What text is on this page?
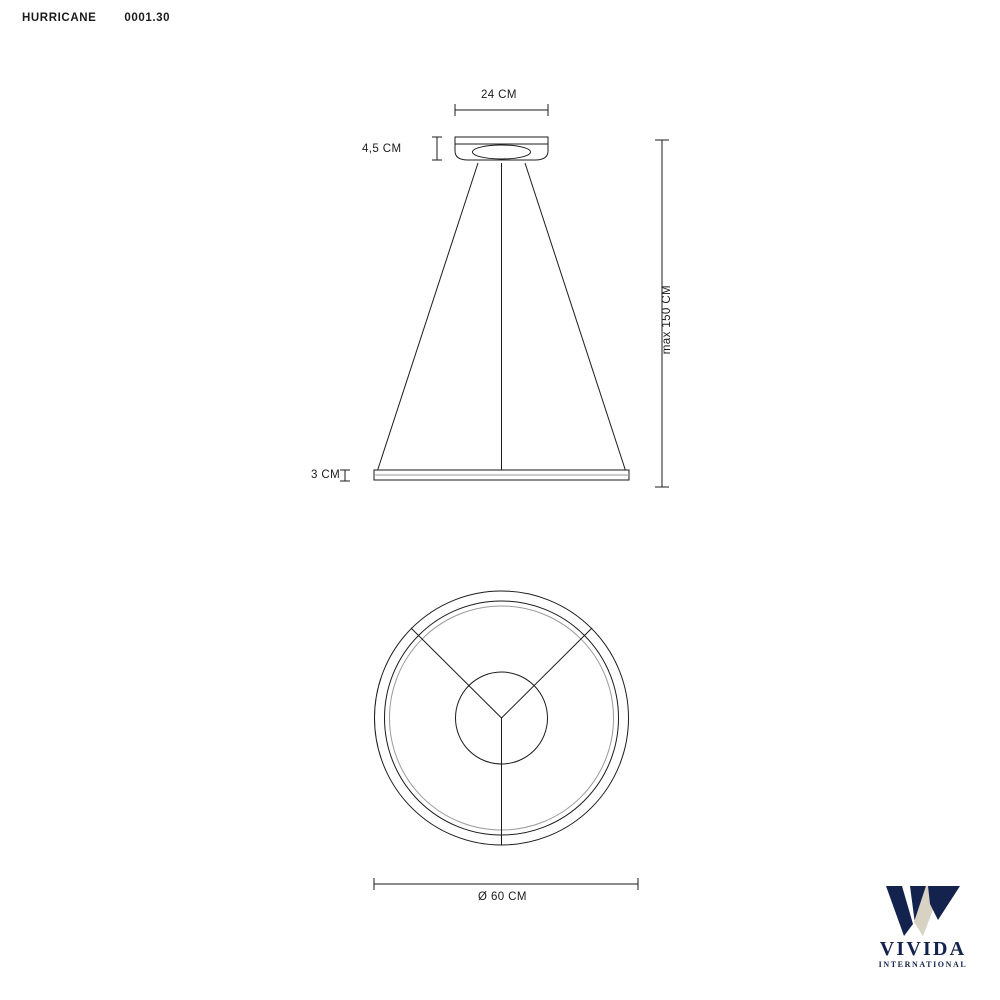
HURRICANE 0001.30
24 CM
4,5 CM
3 CM
max 150 CM
Ø 60 CM
VIVIDA
INTERNATIONAL
